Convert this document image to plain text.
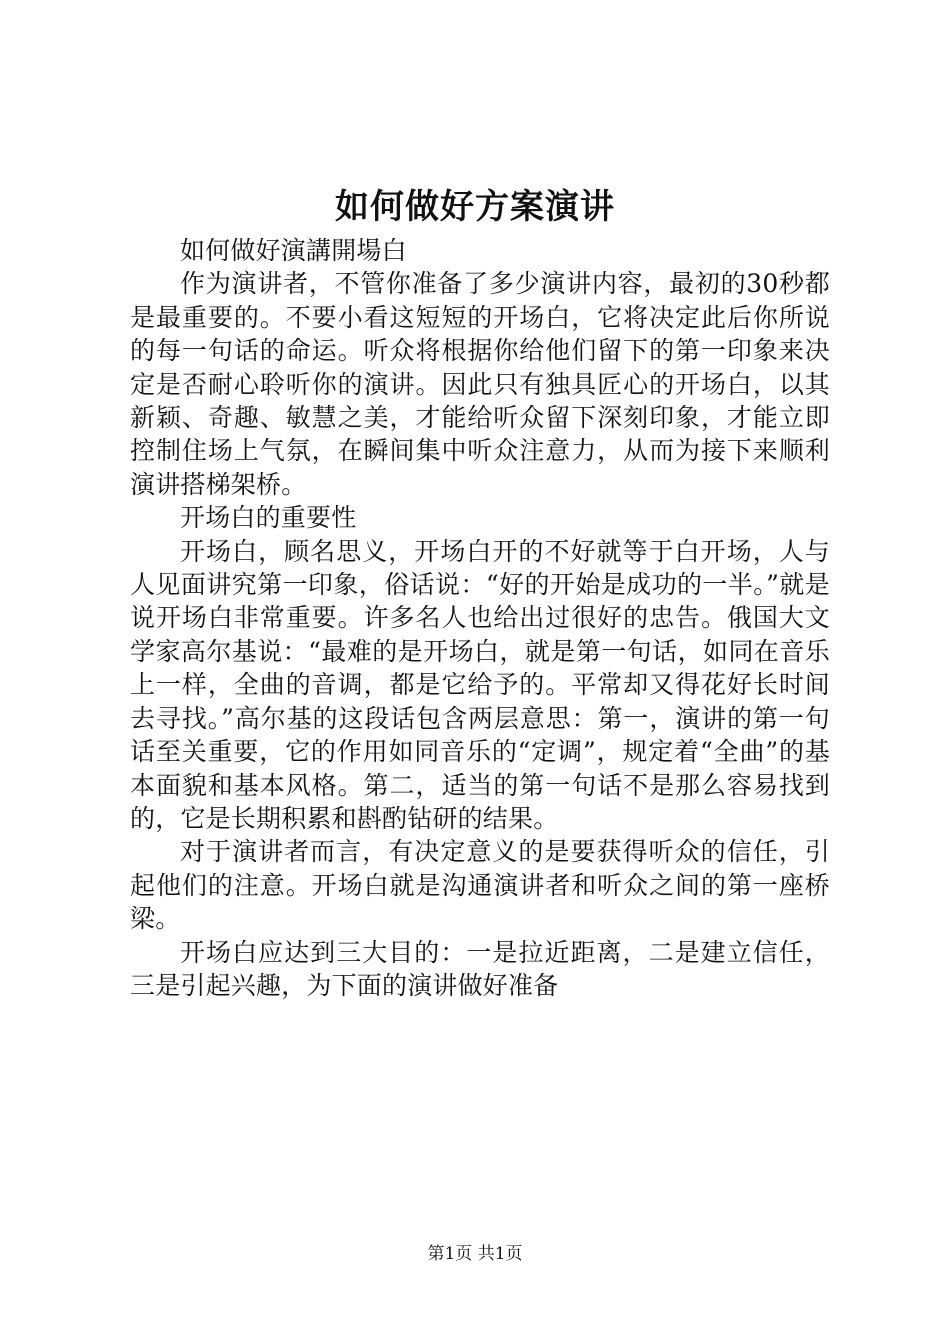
如何做好方案演讲

如何做好演講開場白

作为演讲者，不管你准备了多少演讲内容，最初的30秒都是最重要的。不要小看这短短的开场白，它将决定此后你所说的每一句话的命运。听众将根据你给他们留下的第一印象来决定是否耐心聆听你的演讲。因此只有独具匠心的开场白，以其新颖、奇趣、敏慧之美，才能给听众留下深刻印象，才能立即控制住场上气氛，在瞬间集中听众注意力，从而为接下来顺利演讲搭梯架桥。

开场白的重要性

开场白，顾名思义，开场白开的不好就等于白开场，人与人见面讲究第一印象，俗话说：“好的开始是成功的一半。”就是说开场白非常重要。许多名人也给出过很好的忠告。俄国大文学家高尔基说：“最难的是开场白，就是第一句话，如同在音乐上一样，全曲的音调，都是它给予的。平常却又得花好长时间去寻找。”高尔基的这段话包含两层意思：第一，演讲的第一句话至关重要，它的作用如同音乐的“定调”，规定着“全曲”的基本面貌和基本风格。第二，适当的第一句话不是那么容易找到的，它是长期积累和斟酌钻研的结果。

对于演讲者而言，有决定意义的是要获得听众的信任，引起他们的注意。开场白就是沟通演讲者和听众之间的第一座桥梁。

开场白应达到三大目的：一是拉近距离，二是建立信任，三是引起兴趣，为下面的演讲做好准备

第1页 共1页
